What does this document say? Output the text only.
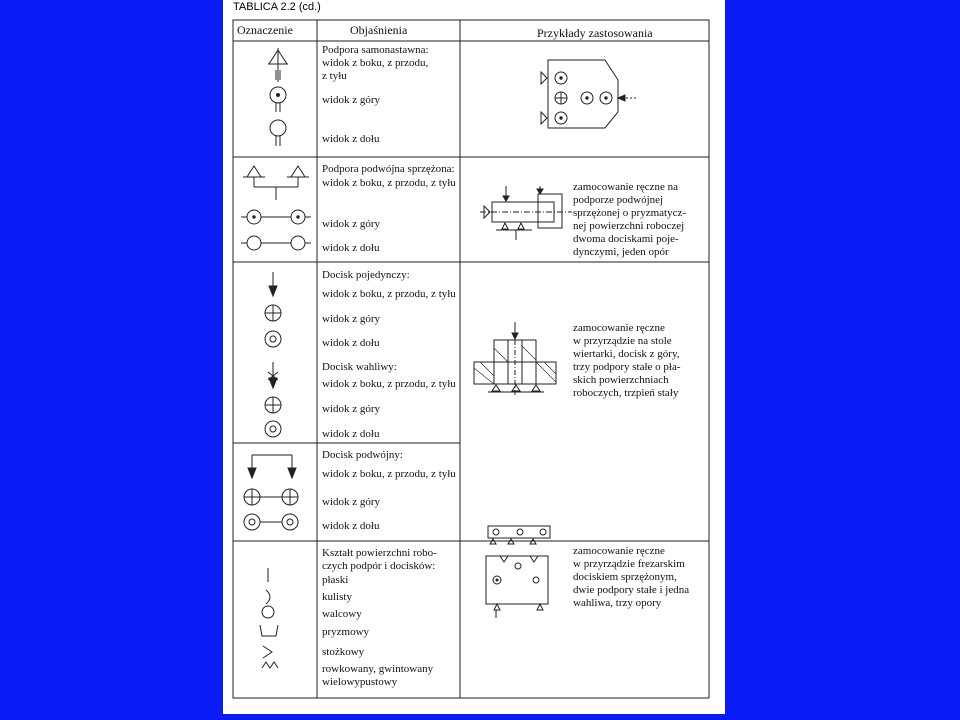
TABLICA 2.2 (cd.)
Oznaczenie	Objaśnienia	Przykłady zastosowania
Podpora samonastawna:
widok z boku, z przodu,
z tyłu
widok z góry
widok z dołu
Podpora podwójna sprzężona:
widok z boku, z przodu, z tyłu
widok z góry
widok z dołu
zamocowanie ręczne na
podporze podwójnej
sprzężonej o pryzmatycz-
nej powierzchni roboczej
dwoma dociskami poje-
dynczymi, jeden opór
Docisk pojedynczy:
widok z boku, z przodu, z tyłu
widok z góry
widok z dołu
zamocowanie ręczne
w przyrządzie na stole
wiertarki, docisk z góry,
trzy podpory stałe o pła-
skich powierzchniach
roboczych, trzpień stały
Docisk wahliwy:
widok z boku, z przodu, z tyłu
widok z góry
widok z dołu
Docisk podwójny:
widok z boku, z przodu, z tyłu
widok z góry
widok z dołu
Kształt powierzchni robo-
czych podpór i docisków:
płaski
kulisty
walcowy
pryzmowy
stożkowy
rowkowany, gwintowany
wielowypustowy
zamocowanie ręczne
w przyrządzie frezarskim
dociskiem sprzężonym,
dwie podpory stałe i jedna
wahliwa, trzy opory
